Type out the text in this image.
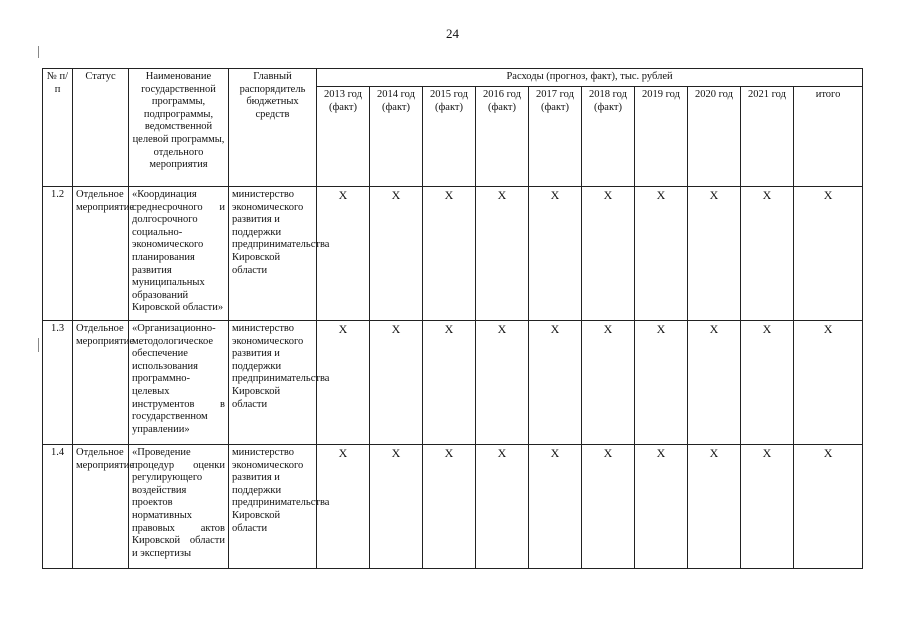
24
№ п/п	Статус	Наименование государственной программы, подпрограммы, ведомственной целевой программы, отдельного мероприятия	Главный распорядитель бюджетных средств	Расходы (прогноз, факт), тыс. рублей									
				2013 год (факт)	2014 год (факт)	2015 год (факт)	2016 год (факт)	2017 год (факт)	2018 год (факт)	2019 год	2020 год	2021 год	итого
1.2	Отдельное мероприятие	«Координация среднесрочного и долгосрочного социально-экономического планирования развития муниципальных образований Кировской области»	министерство экономического развития и поддержки предпринимательства Кировской области	X	X	X	X	X	X	X	X	X	X
1.3	Отдельное мероприятие	«Организационно-методологическое обеспечение использования программно-целевых инструментов в государственном управлении»	министерство экономического развития и поддержки предпринимательства Кировской области	X	X	X	X	X	X	X	X	X	X
1.4	Отдельное мероприятие	«Проведение процедур оценки регулирующего воздействия проектов нормативных правовых актов Кировской области и экспертизы	министерство экономического развития и поддержки предпринимательства Кировской области	X	X	X	X	X	X	X	X	X	X
